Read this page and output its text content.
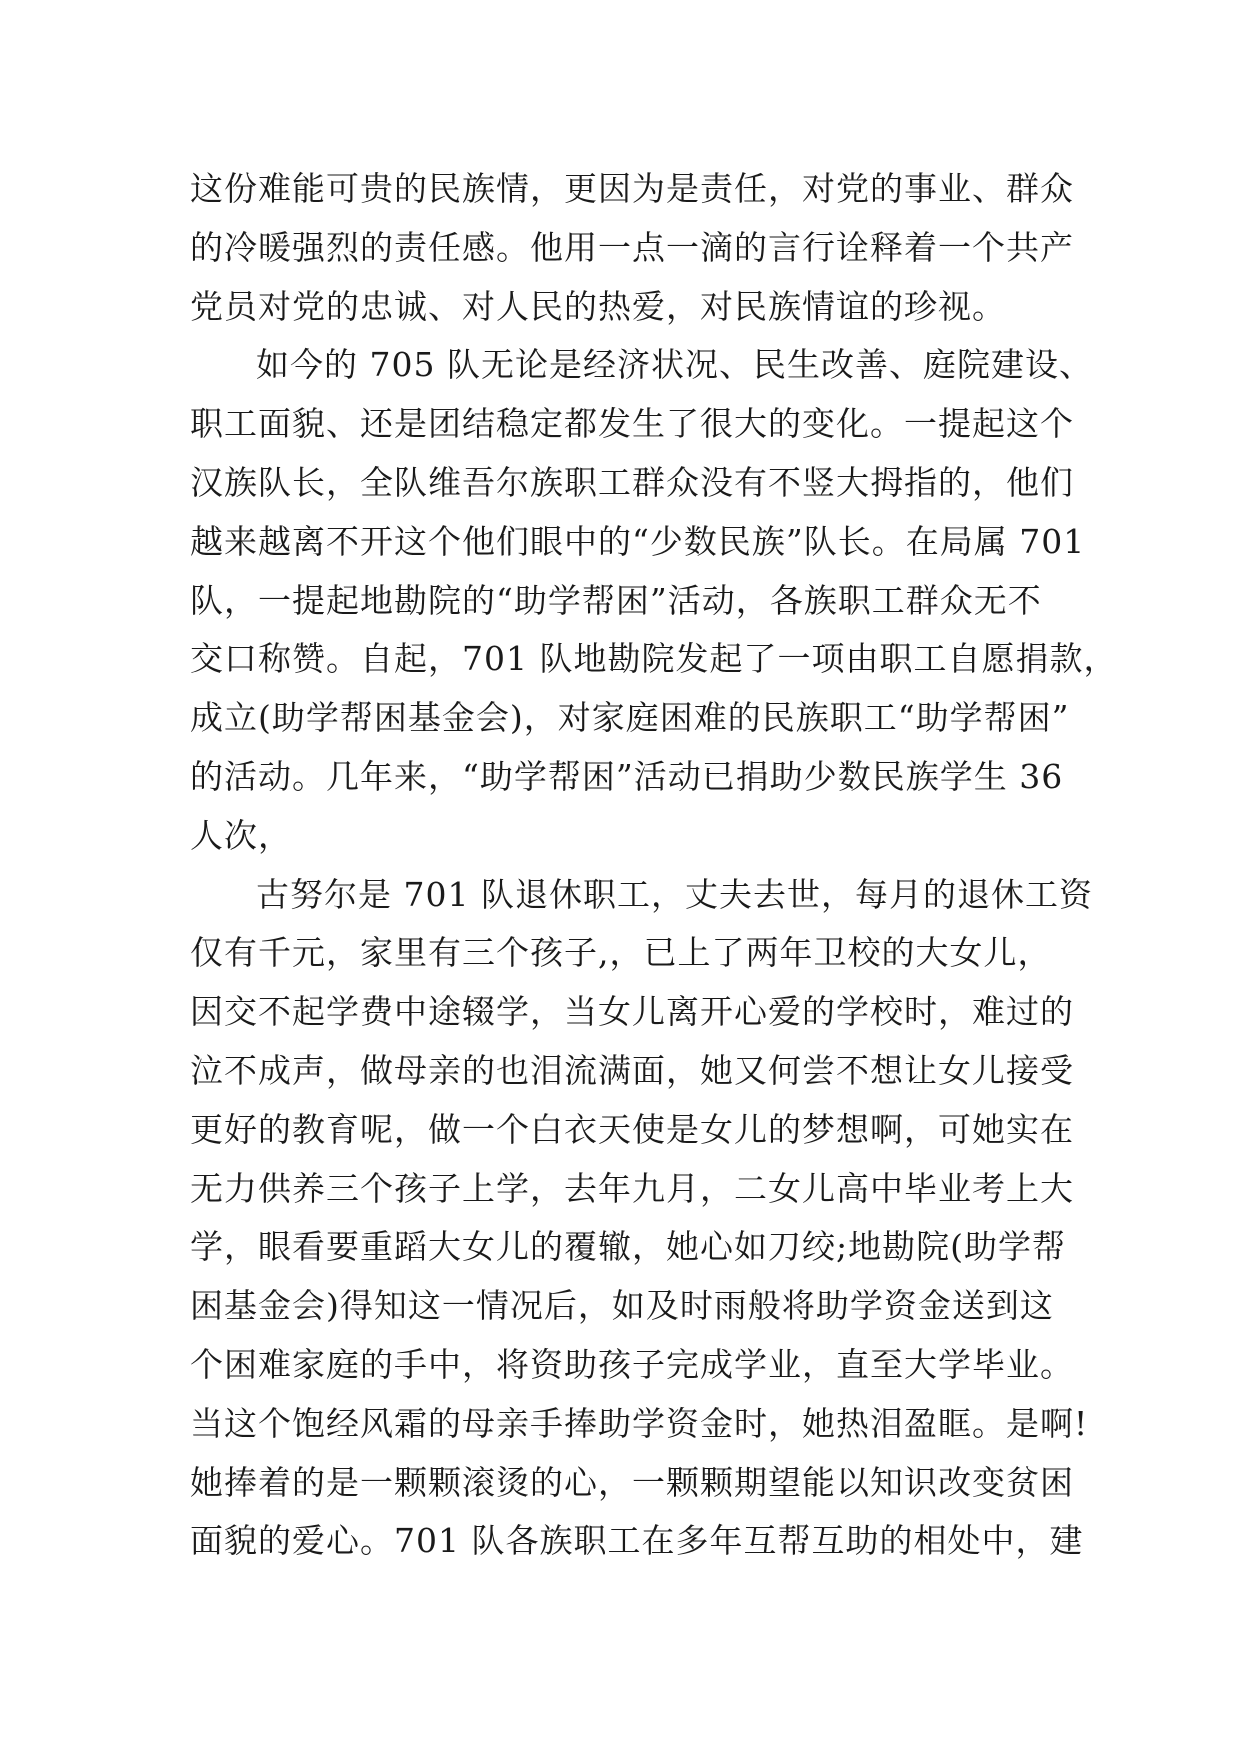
这份难能可贵的民族情，更因为是责任，对党的事业、群众
的冷暖强烈的责任感。他用一点一滴的言行诠释着一个共产
党员对党的忠诚、对人民的热爱，对民族情谊的珍视。
如今的 705 队无论是经济状况、民生改善、庭院建设、
职工面貌、还是团结稳定都发生了很大的变化。一提起这个
汉族队长，全队维吾尔族职工群众没有不竖大拇指的，他们
越来越离不开这个他们眼中的“少数民族”队长。在局属 701
队，一提起地勘院的“助学帮困”活动，各族职工群众无不
交口称赞。自起，701 队地勘院发起了一项由职工自愿捐款，
成立(助学帮困基金会)，对家庭困难的民族职工“助学帮困”
的活动。几年来，“助学帮困”活动已捐助少数民族学生 36
人次，
古努尔是 701 队退休职工，丈夫去世，每月的退休工资
仅有千元，家里有三个孩子,，已上了两年卫校的大女儿，
因交不起学费中途辍学，当女儿离开心爱的学校时，难过的
泣不成声，做母亲的也泪流满面，她又何尝不想让女儿接受
更好的教育呢，做一个白衣天使是女儿的梦想啊，可她实在
无力供养三个孩子上学，去年九月，二女儿高中毕业考上大
学，眼看要重蹈大女儿的覆辙，她心如刀绞;地勘院(助学帮
困基金会)得知这一情况后，如及时雨般将助学资金送到这
个困难家庭的手中，将资助孩子完成学业，直至大学毕业。
当这个饱经风霜的母亲手捧助学资金时，她热泪盈眶。是啊!
她捧着的是一颗颗滚烫的心，一颗颗期望能以知识改变贫困
面貌的爱心。701 队各族职工在多年互帮互助的相处中，建
